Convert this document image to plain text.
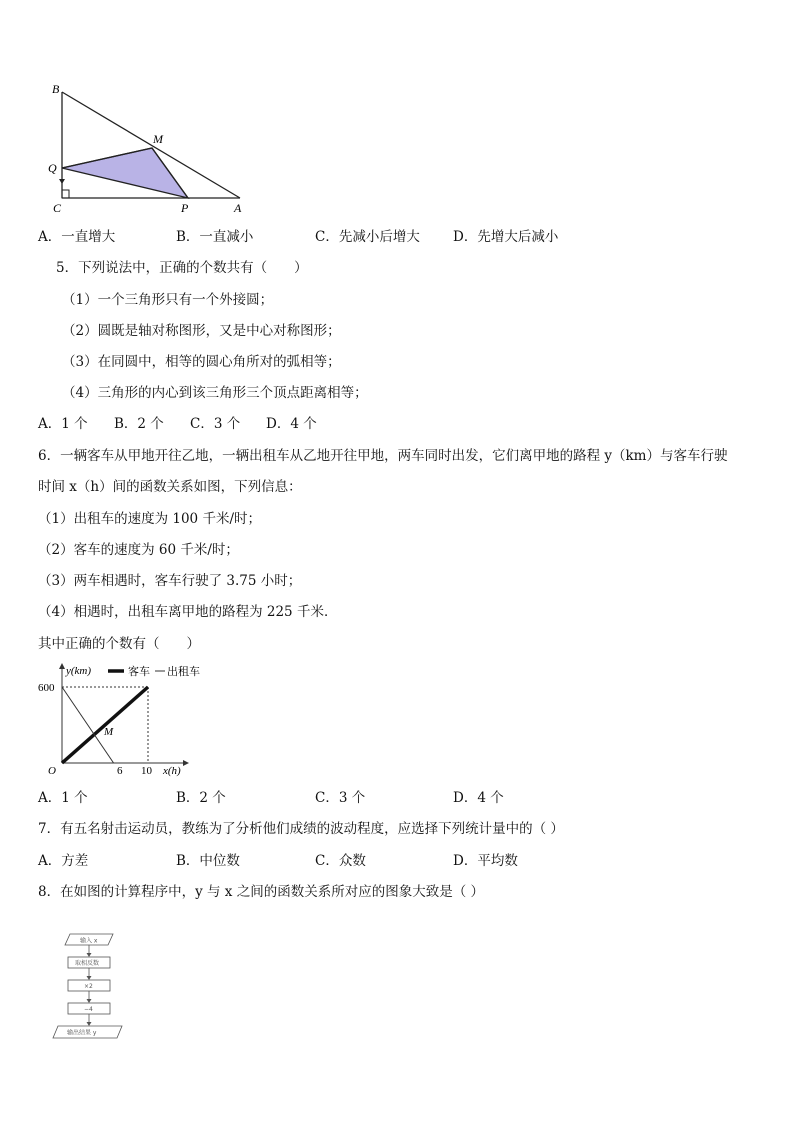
B
M
Q
C	P	A
A．一直增大	B．一直减小	C．先减小后增大 D．先增大后减小
5．下列说法中，正确的个数共有（　　）
（1）一个三角形只有一个外接圆；
（2）圆既是轴对称图形，又是中心对称图形；
（3）在同圆中，相等的圆心角所对的弧相等；
（4）三角形的内心到该三角形三个顶点距离相等；
A．1 个 B．2 个 C．3 个 D．4 个
6．一辆客车从甲地开往乙地，一辆出租车从乙地开往甲地，两车同时出发，它们离甲地的路程 y（km）与客车行驶
时间 x（h）间的函数关系如图，下列信息：
（1）出租车的速度为 100 千米/时；
（2）客车的速度为 60 千米/时；
（3）两车相遇时，客车行驶了 3.75 小时；
（4）相遇时，出租车离甲地的路程为 225 千米．
其中正确的个数有（　　）
客车 出租车
y(km)
x(h)
600
6 10
O
M
A．1 个	B．2 个	C．3 个	D．4 个
7．有五名射击运动员，教练为了分析他们成绩的波动程度，应选择下列统计量中的（ ）
A．方差	B．中位数	C．众数	D．平均数
8．在如图的计算程序中，y 与 x 之间的函数关系所对应的图象大致是（ ）
输入 x
取相反数
×2
−4
输出结果 y
